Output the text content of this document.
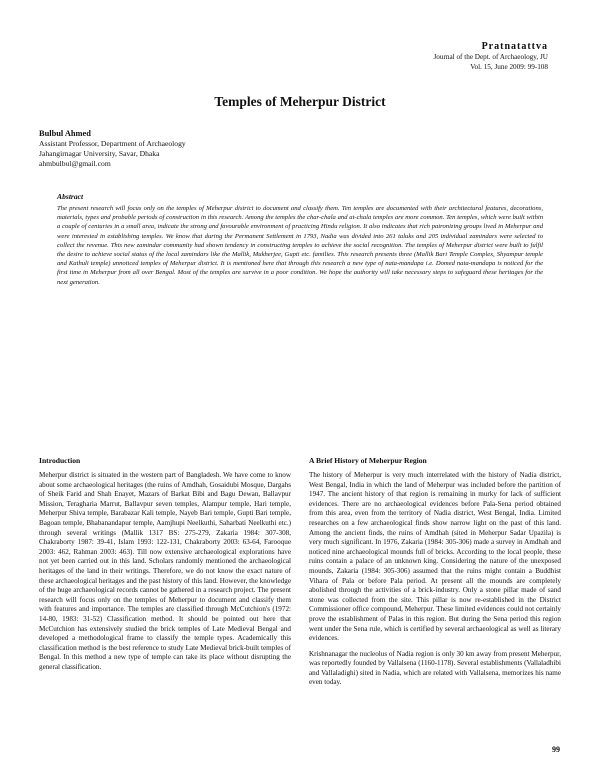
Pratnatattva
Journal of the Dept. of Archaeology, JU
Vol. 15, June 2009: 99-108
Temples of Meherpur District
Bulbul Ahmed
Assistant Professor, Department of Archaeology
Jahangirnagar University, Savar, Dhaka
ahmbulbul@gmail.com
Abstract

The present research will focus only on the temples of Meherpur district to document and classify them. Ten temples are documented with their architectural features, decorations, materials, types and probable periods of construction in this research. Among the temples the char-chala and at-chala temples are more common. Ten temples, which were built within a couple of centuries in a small area, indicate the strong and favourable environment of practicing Hindu religion. It also indicates that rich patronizing groups lived in Meherpur and were interested in establishing temples. We know that during the Permanent Settlement in 1793, Nadia was divided into 261 taluks and 205 individual zamindars were selected to collect the revenue. This new zamindar community had shown tendency in constructing temples to achieve the social recognition. The temples of Meherpur district were built to fulfil the desire to achieve social status of the local zamindars like the Mallik, Mukherjee, Gupti etc. families. This research presents three (Mallik Bari Temple Complex, Shyampur temple and Kathuli temple) unnoticed temples of Meherpur district. It is mentioned here that through this research a new type of nata-mandapa i.e. Domed nata-mandapa is noticed for the first time in Meherpur from all over Bengal. Most of the temples are survive in a poor condition. We hope the authority will take necessary steps to safeguard these heritages for the next generation.

Introduction

Meherpur district is situated in the western part of Bangladesh. We have come to know about some archaeological heritages (the ruins of Amdhah, Gosaidubi Mosque, Dargahs of Sheik Farid and Shah Enayet, Mazars of Barkat Bibi and Bagu Dewan, Ballavpur Mission, Teragharia Marrut, Ballavpur seven temples, Alampur temple, Hari temple, Meherpur Shiva temple, Barabazar Kali temple, Nayeb Bari temple, Gupti Bari temple, Bagoan temple, Bhabanandapur temple, Aamjhupi Neelkuthi, Saharbati Neelkuthi etc.) through several writings (Mallik 1317 BS: 275-279, Zakaria 1984: 307-308, Chakraborty 1987: 39-41, Islam 1993: 122-131, Chakraborty 2003: 63-64, Farooque 2003: 462, Rahman 2003: 463). Till now extensive archaeological explorations have not yet been carried out in this land. Scholars randomly mentioned the archaeological heritages of the land in their writings. Therefore, we do not know the exact nature of these archaeological heritages and the past history of this land. However, the knowledge of the huge archaeological records cannot be gathered in a research project. The present research will focus only on the temples of Meherpur to document and classify them with features and importance. The temples are classified through McCutchion's (1972: 14-80, 1983: 31-52) Classification method. It should be pointed out here that McCutchion has extensively studied the brick temples of Late Medieval Bengal and developed a methodological frame to classify the temple types. Academically this classification method is the best reference to study Late Medieval brick-built temples of Bengal. In this method a new type of temple can take its place without disrupting the general classification.

A Brief History of Meherpur Region

The history of Meherpur is very much interrelated with the history of Nadia district, West Bengal, India in which the land of Meherpur was included before the partition of 1947. The ancient history of that region is remaining in murky for lack of sufficient evidences. There are no archaeological evidences before Pala-Sena period obtained from this area, even from the territory of Nadia district, West Bengal, India. Limited researches on a few archaeological finds show narrow light on the past of this land. Among the ancient finds, the ruins of Amdhah (sited in Meherpur Sadar Upazila) is very much significant. In 1976, Zakaria (1984: 305-306) made a survey in Amdhah and noticed nine archaeological mounds full of bricks. According to the local people, these ruins contain a palace of an unknown king. Considering the nature of the unexposed mounds, Zakaria (1984: 305-306) assumed that the ruins might contain a Buddhist Vihara of Pala or before Pala period. At present all the mounds are completely abolished through the activities of a brick-industry. Only a stone pillar made of sand stone was collected from the site. This pillar is now re-established in the District Commissioner office compound, Meherpur. These limited evidences could not certainly prove the establishment of Palas in this region. But during the Sena period this region went under the Sena rule, which is certified by several archaeological as well as literary evidences.

Krishnanagar the nucleolus of Nadia region is only 30 km away from present Meherpur, was reportedly founded by Vallalsena (1160-1178). Several establishments (Vallaladhibi and Vallaladighi) sited in Nadia, which are related with Vallalsena, memorizes his name even today.

99
